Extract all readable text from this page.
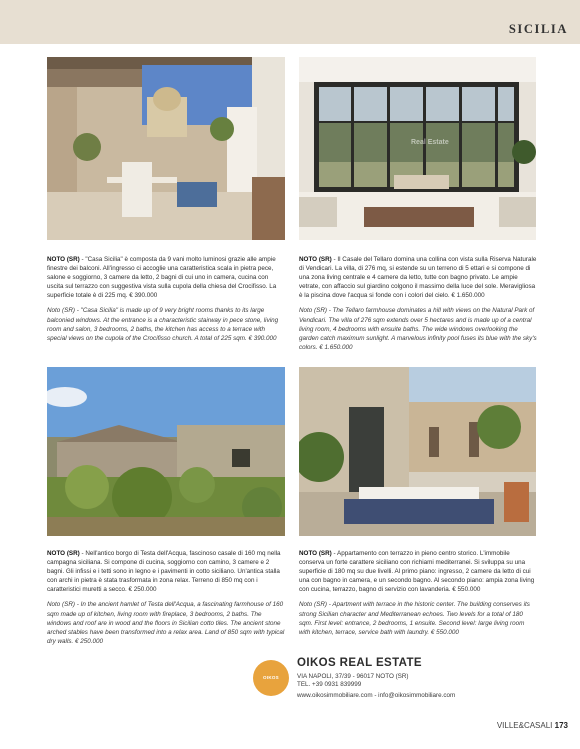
SICILIA
Real Estate

NOTO (SR) - "Casa Sicilia" è composta da 9 vani molto luminosi grazie alle ampie finestre dei balconi. All'ingresso ci accoglie una caratteristica scala in pietra pece, salone e soggiorno, 3 camere da letto, 2 bagni di cui uno in camera, cucina con uscita sul terrazzo con suggestiva vista sulla cupola della chiesa del Crocifisso. La superficie totale è di 225 mq. € 390.000

Noto (SR) - "Casa Sicilia" is made up of 9 very bright rooms thanks to its large balconied windows. At the entrance is a characteristic stairway in pece stone, living room and salon, 3 bedrooms, 2 baths, the kitchen has access to a terrace with special views on the cupola of the Crocifisso church. A total of 225 sqm. € 390.000

NOTO (SR) - Il Casale del Tellaro domina una collina con vista sulla Riserva Naturale di Vendicari. La villa, di 276 mq, si estende su un terreno di 5 ettari e si compone di una zona living centrale e 4 camere da letto, tutte con bagno privato. Le ampie vetrate, con affaccio sul giardino colgono il massimo della luce del sole. Meravigliosa è la piscina dove l'acqua si fonde con i colori del cielo. € 1.650.000

Noto (SR) - The Tellaro farmhouse dominates a hill with views on the Natural Park of Vendicari. The villa of 276 sqm extends over 5 hectares and is made up of a central living room, 4 bedrooms with ensuite baths. The wide windows overlooking the garden catch maximum sunlight. A marvelous infinity pool fuses its blue with the sky's colors. € 1.650.000

NOTO (SR) - Nell'antico borgo di Testa dell'Acqua, fascinoso casale di 160 mq nella campagna siciliana. Si compone di cucina, soggiorno con camino, 3 camere e 2 bagni. Gli infissi e i tetti sono in legno e i pavimenti in cotto siciliano. Un'antica stalla con archi in pietra è stata trasformata in zona relax. Terreno di 850 mq con i caratteristici muretti a secco. € 250.000

Noto (SR) - In the ancient hamlet of Testa dell'Acqua, a fascinating farmhouse of 160 sqm made up of kitchen, living room with fireplace, 3 bedrooms, 2 baths. The windows and roof are in wood and the floors in Sicilian cotto tiles. The ancient stone arched stables have been transformed into a relax area. Land of 850 sqm with typical dry walls. € 250.000

NOTO (SR) - Appartamento con terrazzo in pieno centro storico. L'immobile conserva un forte carattere siciliano con richiami mediterranei. Si sviluppa su una superficie di 180 mq su due livelli. Al primo piano: ingresso, 2 camere da letto di cui una con bagno in camera, e un secondo bagno. Al secondo piano: ampia zona living con cucina, terrazzo, bagno di servizio con lavanderia. € 550.000

Noto (SR) - Apartment with terrace in the historic center. The building conserves its strong Sicilian character and Mediterranean echoes. Two levels for a total of 180 sqm. First level: entrance, 2 bedrooms, 1 ensuite. Second level: large living room with kitchen, terrace, service bath with laundry. € 550.000

OIKOS
OIKOS REAL ESTATE
VIA NAPOLI, 37/39 - 96017 NOTO (SR)
TEL. +39 0931 839999
www.oikosimmobiliare.com - info@oikosimmobiliare.com
VILLE&CASALI 173
